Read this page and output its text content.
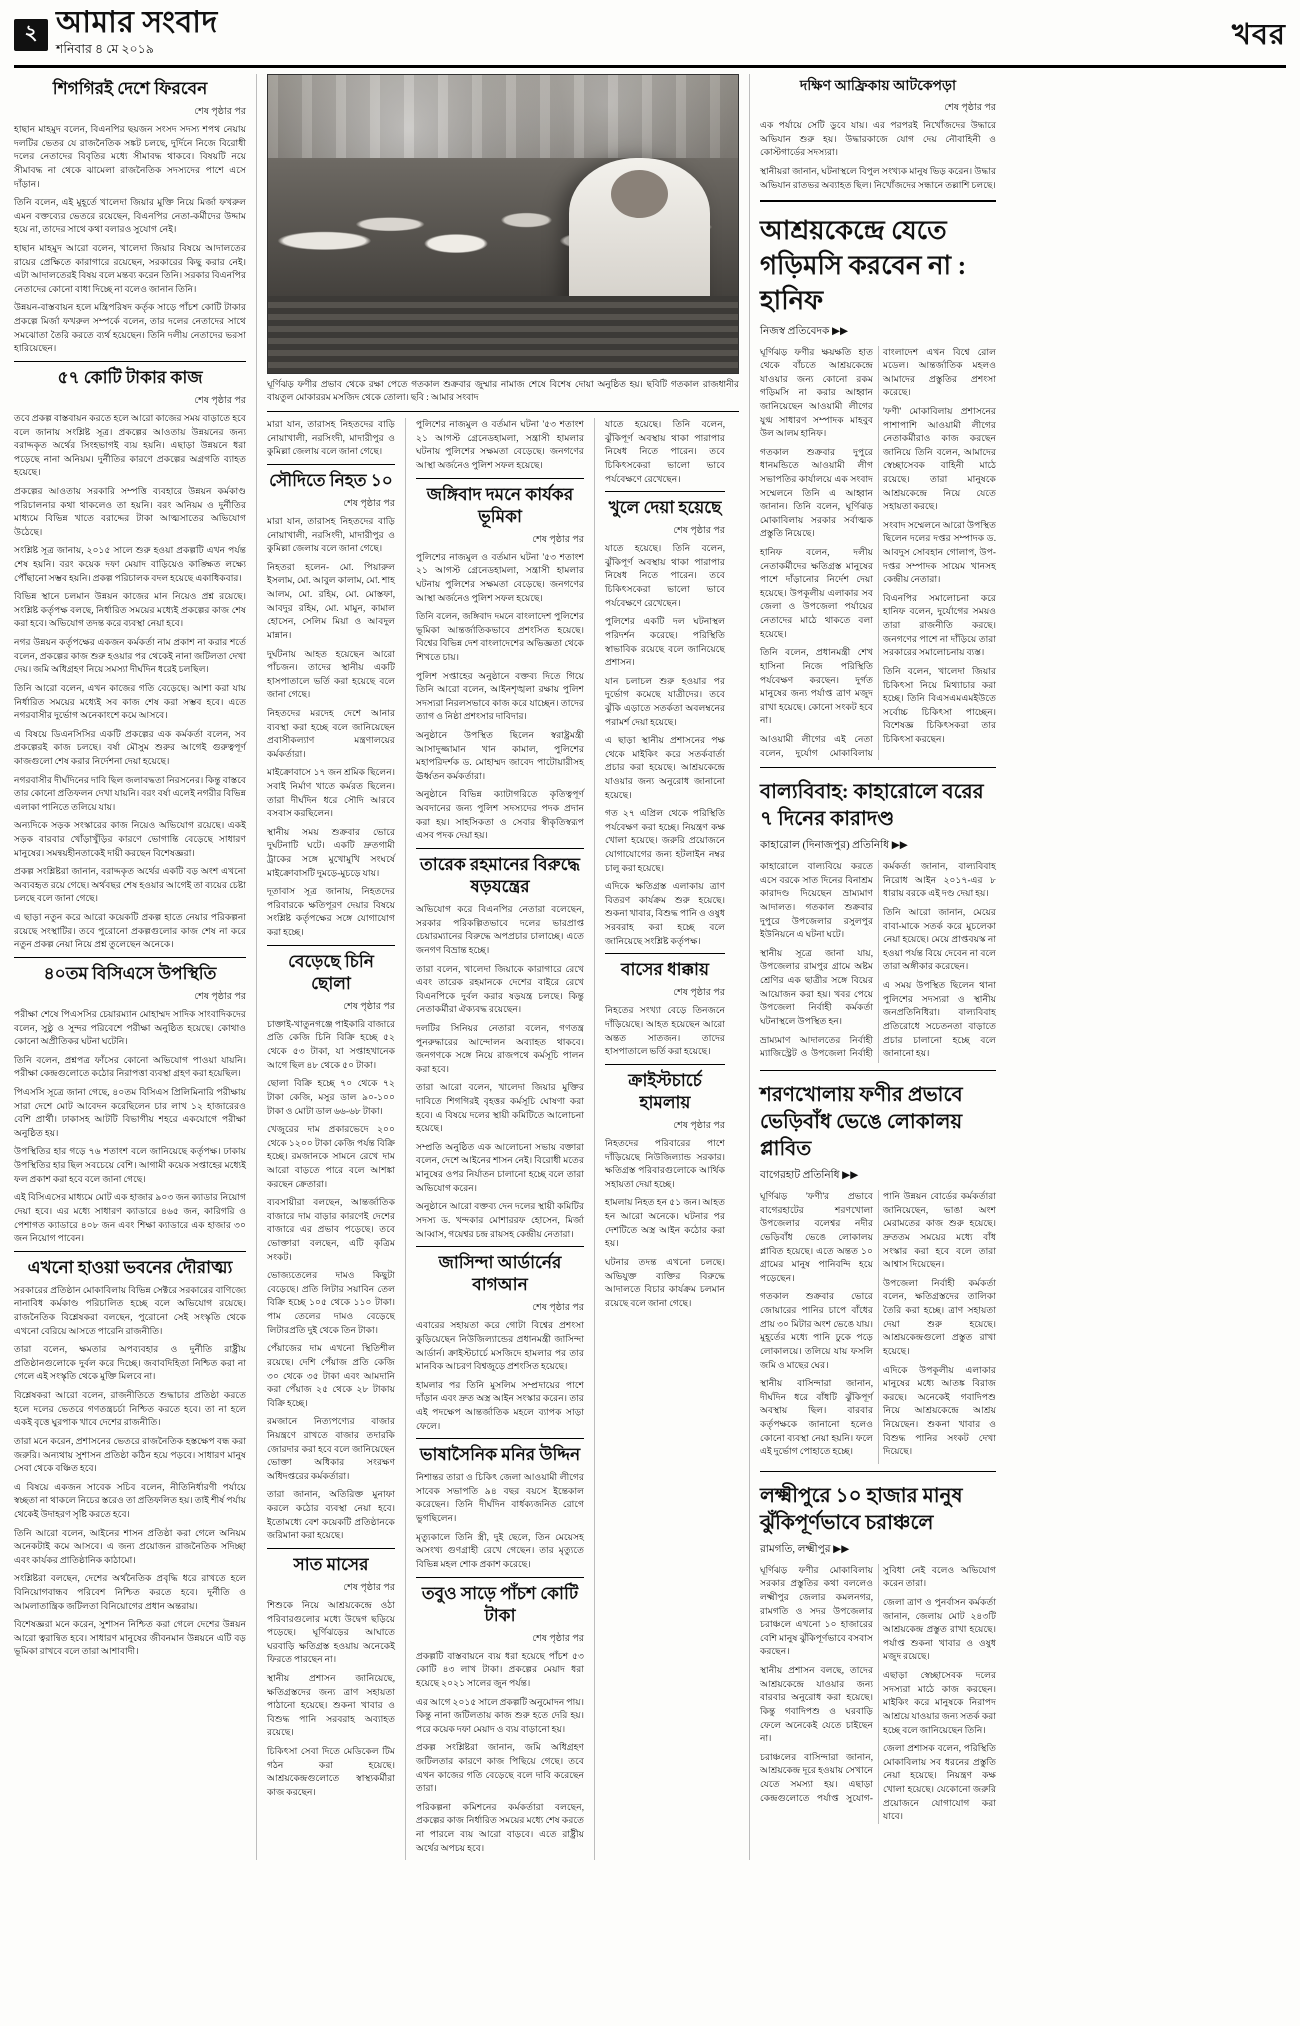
২ আমার সংবাদ
শনিবার ৪ মে ২০১৯	খবর
শিগগিরই দেশে ফিরবেন
শেষ পৃষ্ঠার পর

হাছান মাহমুদ বলেন, বিএনপির ছয়জন সংসদ সদস্য শপথ নেয়ায় দলটির ভেতর যে রাজনৈতিক সঙ্কট চলছে, দুর্দিনে নিজে বিরোধী দলের নেতাদের বিবৃতির মধ্যে সীমাবদ্ধ থাকবে। বিষয়টি নয়ে সীমাবদ্ধ না থেকে ঝামেলা রাজনৈতিক সদস্যদের পাশে এসে দাঁড়ান।

তিনি বলেন, এই মুহূর্তে খালেদা জিয়ার মুক্তি নিয়ে মির্জা ফখরুল এমন বক্তব্যের ভেতরে রয়েছেন, বিএনপির নেতা-কর্মীদের উদ্দাম হয়ে না, তাদের সাথে কথা বলারও সুযোগ নেই।

হাছান মাহমুদ আরো বলেন, খালেদা জিয়ার বিষয়ে আদালতের রায়ের প্রেক্ষিতে কারাগারে রয়েছেন, সরকারের কিছু করার নেই। এটা আদালতেরই বিষয় বলে মন্তব্য করেন তিনি। সরকার বিএনপির নেতাদের কোনো বাধা দিচ্ছে না বলেও জানান তিনি।

উন্নয়ন-বাস্তবায়ন হলে মন্ত্রিপরিষদ কর্তৃক সাড়ে পাঁচশ কোটি টাকার প্রকল্পে মির্জা ফখরুল সম্পর্কে বলেন, তার দলের নেতাদের সাথে সমঝোতা তৈরি করতে ব্যর্থ হয়েছেন। তিনি দলীয় নেতাদের ভরসা হারিয়েছেন।

৫৭ কোটি টাকার কাজ
শেষ পৃষ্ঠার পর

তবে প্রকল্প বাস্তবায়ন করতে হলে আরো কাজের সময় বাড়াতে হবে বলে জানায় সংশ্লিষ্ট সূত্র। প্রকল্পের আওতায় উন্নয়নের জন্য বরাদ্দকৃত অর্থের সিংহভাগই ব্যয় হয়নি। এছাড়া উন্নয়নে ধরা পড়েছে নানা অনিয়ম। দুর্নীতির কারণে প্রকল্পের অগ্রগতি ব্যাহত হয়েছে।

প্রকল্পের আওতায় সরকারি সম্পত্তি ব্যবহারে উন্নয়ন কর্মকাণ্ড পরিচালনার কথা থাকলেও তা হয়নি। বরং অনিয়ম ও দুর্নীতির মাধ্যমে বিভিন্ন খাতে বরাদ্দের টাকা আত্মসাতের অভিযোগ উঠেছে।

সংশ্লিষ্ট সূত্র জানায়, ২০১৫ সালে শুরু হওয়া প্রকল্পটি এখন পর্যন্ত শেষ হয়নি। বরং কয়েক দফা মেয়াদ বাড়িয়েও কাঙ্ক্ষিত লক্ষ্যে পৌঁছানো সম্ভব হয়নি। প্রকল্প পরিচালক বদল হয়েছে একাধিকবার।

বিভিন্ন স্থানে চলমান উন্নয়ন কাজের মান নিয়েও প্রশ্ন রয়েছে। সংশ্লিষ্ট কর্তৃপক্ষ বলছে, নির্ধারিত সময়ের মধ্যেই প্রকল্পের কাজ শেষ করা হবে। অভিযোগ তদন্ত করে ব্যবস্থা নেয়া হবে।

নগর উন্নয়ন কর্তৃপক্ষের একজন কর্মকর্তা নাম প্রকাশ না করার শর্তে বলেন, প্রকল্পের কাজ শুরু হওয়ার পর থেকেই নানা জটিলতা দেখা দেয়। জমি অধিগ্রহণ নিয়ে সমস্যা দীর্ঘদিন ধরেই চলছিল।

তিনি আরো বলেন, এখন কাজের গতি বেড়েছে। আশা করা যায় নির্ধারিত সময়ের মধ্যেই সব কাজ শেষ করা সম্ভব হবে। এতে নগরবাসীর দুর্ভোগ অনেকাংশে কমে আসবে।

এ বিষয়ে ডিএনসিসির একটি প্রকল্পের এক কর্মকর্তা বলেন, সব প্রকল্পেরই কাজ চলছে। বর্ষা মৌসুম শুরুর আগেই গুরুত্বপূর্ণ কাজগুলো শেষ করার নির্দেশনা দেয়া হয়েছে।

নগরবাসীর দীর্ঘদিনের দাবি ছিল জলাবদ্ধতা নিরসনের। কিন্তু বাস্তবে তার কোনো প্রতিফলন দেখা যায়নি। বরং বর্ষা এলেই নগরীর বিভিন্ন এলাকা পানিতে তলিয়ে যায়।

অন্যদিকে সড়ক সংস্কারের কাজ নিয়েও অভিযোগ রয়েছে। একই সড়ক বারবার খোঁড়াখুঁড়ির কারণে ভোগান্তি বেড়েছে সাধারণ মানুষের। সমন্বয়হীনতাকেই দায়ী করছেন বিশেষজ্ঞরা।

প্রকল্প সংশ্লিষ্টরা জানান, বরাদ্দকৃত অর্থের একটি বড় অংশ এখনো অব্যবহৃত রয়ে গেছে। অর্থবছর শেষ হওয়ার আগেই তা ব্যয়ের চেষ্টা চলছে বলে জানা গেছে।

এ ছাড়া নতুন করে আরো কয়েকটি প্রকল্প হাতে নেয়ার পরিকল্পনা রয়েছে সংস্থাটির। তবে পুরোনো প্রকল্পগুলোর কাজ শেষ না করে নতুন প্রকল্প নেয়া নিয়ে প্রশ্ন তুলেছেন অনেকে।

৪০তম বিসিএসে উপস্থিতি
শেষ পৃষ্ঠার পর

পরীক্ষা শেষে পিএসসির চেয়ারম্যান মোহাম্মদ সাদিক সাংবাদিকদের বলেন, সুষ্ঠু ও সুন্দর পরিবেশে পরীক্ষা অনুষ্ঠিত হয়েছে। কোথাও কোনো অপ্রীতিকর ঘটনা ঘটেনি।

তিনি বলেন, প্রশ্নপত্র ফাঁসের কোনো অভিযোগ পাওয়া যায়নি। পরীক্ষা কেন্দ্রগুলোতে কঠোর নিরাপত্তা ব্যবস্থা গ্রহণ করা হয়েছিল।

পিএসসি সূত্রে জানা গেছে, ৪০তম বিসিএস প্রিলিমিনারি পরীক্ষায় সারা দেশে মোট আবেদন করেছিলেন চার লাখ ১২ হাজারেরও বেশি প্রার্থী। ঢাকাসহ আটটি বিভাগীয় শহরে একযোগে পরীক্ষা অনুষ্ঠিত হয়।

উপস্থিতির হার গড়ে ৭৬ শতাংশ বলে জানিয়েছে কর্তৃপক্ষ। ঢাকায় উপস্থিতির হার ছিল সবচেয়ে বেশি। আগামী কয়েক সপ্তাহের মধ্যেই ফল প্রকাশ করা হবে বলে জানা গেছে।

এই বিসিএসের মাধ্যমে মোট এক হাজার ৯০৩ জন ক্যাডার নিয়োগ দেয়া হবে। এর মধ্যে সাধারণ ক্যাডারে ৪৬৫ জন, কারিগরি ও পেশাগত ক্যাডারে ৪০৮ জন এবং শিক্ষা ক্যাডারে এক হাজার ৩০ জন নিয়োগ পাবেন।

এখনো হাওয়া ভবনের দৌরাত্ম্য

সরকারের প্রতিষ্ঠান মোকাবিলায় বিভিন্ন সেক্টরে সরকারের বাণিজ্যে নানাবিধ কর্মকাণ্ড পরিচালিত হচ্ছে বলে অভিযোগ রয়েছে। রাজনৈতিক বিশ্লেষকরা বলছেন, পুরোনো সেই সংস্কৃতি থেকে এখনো বেরিয়ে আসতে পারেনি রাজনীতি।

তারা বলেন, ক্ষমতার অপব্যবহার ও দুর্নীতি রাষ্ট্রীয় প্রতিষ্ঠানগুলোকে দুর্বল করে দিচ্ছে। জবাবদিহিতা নিশ্চিত করা না গেলে এই সংস্কৃতি থেকে মুক্তি মিলবে না।

বিশ্লেষকরা আরো বলেন, রাজনীতিতে শুদ্ধাচার প্রতিষ্ঠা করতে হলে দলের ভেতরে গণতন্ত্রচর্চা নিশ্চিত করতে হবে। তা না হলে একই বৃত্তে ঘুরপাক খাবে দেশের রাজনীতি।

তারা মনে করেন, প্রশাসনের ভেতরে রাজনৈতিক হস্তক্ষেপ বন্ধ করা জরুরি। অন্যথায় সুশাসন প্রতিষ্ঠা কঠিন হয়ে পড়বে। সাধারণ মানুষ সেবা থেকে বঞ্চিত হবে।

এ বিষয়ে একজন সাবেক সচিব বলেন, নীতিনির্ধারণী পর্যায়ে স্বচ্ছতা না থাকলে নিচের স্তরেও তা প্রতিফলিত হয়। তাই শীর্ষ পর্যায় থেকেই উদাহরণ সৃষ্টি করতে হবে।

তিনি আরো বলেন, আইনের শাসন প্রতিষ্ঠা করা গেলে অনিয়ম অনেকটাই কমে আসবে। এ জন্য প্রয়োজন রাজনৈতিক সদিচ্ছা এবং কার্যকর প্রাতিষ্ঠানিক কাঠামো।

সংশ্লিষ্টরা বলছেন, দেশের অর্থনৈতিক প্রবৃদ্ধি ধরে রাখতে হলে বিনিয়োগবান্ধব পরিবেশ নিশ্চিত করতে হবে। দুর্নীতি ও আমলাতান্ত্রিক জটিলতা বিনিয়োগের প্রধান অন্তরায়।

বিশেষজ্ঞরা মনে করেন, সুশাসন নিশ্চিত করা গেলে দেশের উন্নয়ন আরো ত্বরান্বিত হবে। সাধারণ মানুষের জীবনমান উন্নয়নে এটি বড় ভূমিকা রাখবে বলে তারা আশাবাদী।

ঘূর্ণিঝড় ফণীর প্রভাব থেকে রক্ষা পেতে গতকাল শুক্রবার জুম্মার নামাজ শেষে বিশেষ দোয়া অনুষ্ঠিত হয়। ছবিটি গতকাল রাজধানীর বায়তুল মোকাররম মসজিদ থেকে তোলা। ছবি : আমার সংবাদ

মারা যান, তারাসহ নিহতদের বাড়ি নোয়াখালী, নরসিংদী, মাদারীপুর ও কুমিল্লা জেলায় বলে জানা গেছে।

সৌদিতে নিহত ১০
শেষ পৃষ্ঠার পর

মারা যান, তারাসহ নিহতদের বাড়ি নোয়াখালী, নরসিংদী, মাদারীপুর ও কুমিল্লা জেলায় বলে জানা গেছে।

নিহতরা হলেন- মো. পিয়ারুল ইসলাম, মো. আবুল কালাম, মো. শাহ আলম, মো. রহিম, মো. মোস্তফা, আবদুর রহিম, মো. মামুন, কামাল হোসেন, সেলিম মিয়া ও আবদুল মান্নান।

দুর্ঘটনায় আহত হয়েছেন আরো পাঁচজন। তাদের স্থানীয় একটি হাসপাতালে ভর্তি করা হয়েছে বলে জানা গেছে।

নিহতদের মরদেহ দেশে আনার ব্যবস্থা করা হচ্ছে বলে জানিয়েছেন প্রবাসীকল্যাণ মন্ত্রণালয়ের কর্মকর্তারা।

মাইক্রোবাসে ১৭ জন শ্রমিক ছিলেন। সবাই নির্মাণ খাতে কর্মরত ছিলেন। তারা দীর্ঘদিন ধরে সৌদি আরবে বসবাস করছিলেন।

স্থানীয় সময় শুক্রবার ভোরে দুর্ঘটনাটি ঘটে। একটি দ্রুতগামী ট্রাকের সঙ্গে মুখোমুখি সংঘর্ষে মাইক্রোবাসটি দুমড়ে-মুচড়ে যায়।

দূতাবাস সূত্র জানায়, নিহতদের পরিবারকে ক্ষতিপূরণ দেয়ার বিষয়ে সংশ্লিষ্ট কর্তৃপক্ষের সঙ্গে যোগাযোগ করা হচ্ছে।

বেড়েছে চিনি ছোলা
শেষ পৃষ্ঠার পর

চাক্তাই-খাতুনগঞ্জে পাইকারি বাজারে প্রতি কেজি চিনি বিক্রি হচ্ছে ৫২ থেকে ৫৩ টাকা, যা সপ্তাহখানেক আগে ছিল ৪৮ থেকে ৫০ টাকা।

ছোলা বিক্রি হচ্ছে ৭০ থেকে ৭২ টাকা কেজি, মসুর ডাল ৯০-১০০ টাকা ও মোটা ডাল ৬৬-৬৮ টাকা।

খেজুরের দাম প্রকারভেদে ২০০ থেকে ১২০০ টাকা কেজি পর্যন্ত বিক্রি হচ্ছে। রমজানকে সামনে রেখে দাম আরো বাড়তে পারে বলে আশঙ্কা করছেন ক্রেতারা।

ব্যবসায়ীরা বলছেন, আন্তর্জাতিক বাজারে দাম বাড়ার কারণেই দেশের বাজারে এর প্রভাব পড়েছে। তবে ভোক্তারা বলছেন, এটি কৃত্রিম সংকট।

ভোজ্যতেলের দামও কিছুটা বেড়েছে। প্রতি লিটার সয়াবিন তেল বিক্রি হচ্ছে ১০৫ থেকে ১১০ টাকা। পাম তেলের দামও বেড়েছে লিটারপ্রতি দুই থেকে তিন টাকা।

পেঁয়াজের দাম এখনো স্থিতিশীল রয়েছে। দেশি পেঁয়াজ প্রতি কেজি ৩০ থেকে ৩৫ টাকা এবং আমদানি করা পেঁয়াজ ২৫ থেকে ২৮ টাকায় বিক্রি হচ্ছে।

রমজানে নিত্যপণ্যের বাজার নিয়ন্ত্রণে রাখতে বাজার তদারকি জোরদার করা হবে বলে জানিয়েছেন ভোক্তা অধিকার সংরক্ষণ অধিদপ্তরের কর্মকর্তারা।

তারা জানান, অতিরিক্ত মুনাফা করলে কঠোর ব্যবস্থা নেয়া হবে। ইতোমধ্যে বেশ কয়েকটি প্রতিষ্ঠানকে জরিমানা করা হয়েছে।

সাত মাসের
শেষ পৃষ্ঠার পর

শিশুকে নিয়ে আশ্রয়কেন্দ্রে ওঠা পরিবারগুলোর মধ্যে উদ্বেগ ছড়িয়ে পড়েছে। ঘূর্ণিঝড়ের আঘাতে ঘরবাড়ি ক্ষতিগ্রস্ত হওয়ায় অনেকেই ফিরতে পারছেন না।

স্থানীয় প্রশাসন জানিয়েছে, ক্ষতিগ্রস্তদের জন্য ত্রাণ সহায়তা পাঠানো হয়েছে। শুকনা খাবার ও বিশুদ্ধ পানি সরবরাহ অব্যাহত রয়েছে।

চিকিৎসা সেবা দিতে মেডিকেল টিম গঠন করা হয়েছে। আশ্রয়কেন্দ্রগুলোতে স্বাস্থ্যকর্মীরা কাজ করছেন।

পুলিশের নাজমুল ও বর্তমান ঘটনা '৫৩ শতাংশ ২১ আগস্ট গ্রেনেডহামলা, সন্ত্রাসী হামলার ঘটনায় পুলিশের সক্ষমতা বেড়েছে। জনগণের আস্থা অর্জনেও পুলিশ সফল হয়েছে।

জঙ্গিবাদ দমনে কার্যকর ভূমিকা
শেষ পৃষ্ঠার পর

পুলিশের নাজমুল ও বর্তমান ঘটনা '৫৩ শতাংশ ২১ আগস্ট গ্রেনেডহামলা, সন্ত্রাসী হামলার ঘটনায় পুলিশের সক্ষমতা বেড়েছে। জনগণের আস্থা অর্জনেও পুলিশ সফল হয়েছে।

তিনি বলেন, জঙ্গিবাদ দমনে বাংলাদেশ পুলিশের ভূমিকা আন্তর্জাতিকভাবে প্রশংসিত হয়েছে। বিশ্বের বিভিন্ন দেশ বাংলাদেশের অভিজ্ঞতা থেকে শিখতে চায়।

পুলিশ সপ্তাহের অনুষ্ঠানে বক্তব্য দিতে গিয়ে তিনি আরো বলেন, আইনশৃঙ্খলা রক্ষায় পুলিশ সদস্যরা নিরলসভাবে কাজ করে যাচ্ছেন। তাদের ত্যাগ ও নিষ্ঠা প্রশংসার দাবিদার।

অনুষ্ঠানে উপস্থিত ছিলেন স্বরাষ্ট্রমন্ত্রী আসাদুজ্জামান খান কামাল, পুলিশের মহাপরিদর্শক ড. মোহাম্মদ জাবেদ পাটোয়ারীসহ ঊর্ধ্বতন কর্মকর্তারা।

অনুষ্ঠানে বিভিন্ন ক্যাটাগরিতে কৃতিত্বপূর্ণ অবদানের জন্য পুলিশ সদস্যদের পদক প্রদান করা হয়। সাহসিকতা ও সেবার স্বীকৃতিস্বরূপ এসব পদক দেয়া হয়।

তারেক রহমানের বিরুদ্ধে ষড়যন্ত্রের

অভিযোগ করে বিএনপির নেতারা বলেছেন, সরকার পরিকল্পিতভাবে দলের ভারপ্রাপ্ত চেয়ারম্যানের বিরুদ্ধে অপপ্রচার চালাচ্ছে। এতে জনগণ বিভ্রান্ত হচ্ছে।

তারা বলেন, খালেদা জিয়াকে কারাগারে রেখে এবং তারেক রহমানকে দেশের বাইরে রেখে বিএনপিকে দুর্বল করার ষড়যন্ত্র চলছে। কিন্তু নেতাকর্মীরা ঐক্যবদ্ধ রয়েছেন।

দলটির সিনিয়র নেতারা বলেন, গণতন্ত্র পুনরুদ্ধারের আন্দোলন অব্যাহত থাকবে। জনগণকে সঙ্গে নিয়ে রাজপথে কর্মসূচি পালন করা হবে।

তারা আরো বলেন, খালেদা জিয়ার মুক্তির দাবিতে শিগগিরই বৃহত্তর কর্মসূচি ঘোষণা করা হবে। এ বিষয়ে দলের স্থায়ী কমিটিতে আলোচনা হয়েছে।

সম্প্রতি অনুষ্ঠিত এক আলোচনা সভায় বক্তারা বলেন, দেশে আইনের শাসন নেই। বিরোধী মতের মানুষের ওপর নির্যাতন চালানো হচ্ছে বলে তারা অভিযোগ করেন।

অনুষ্ঠানে আরো বক্তব্য দেন দলের স্থায়ী কমিটির সদস্য ড. খন্দকার মোশাররফ হোসেন, মির্জা আব্বাস, গয়েশ্বর চন্দ্র রায়সহ কেন্দ্রীয় নেতারা।

জাসিন্দা আর্ডার্নের বাগআন
শেষ পৃষ্ঠার পর

এবারের সহায়তা করে গোটা বিশ্বের প্রশংসা কুড়িয়েছেন নিউজিল্যান্ডের প্রধানমন্ত্রী জাসিন্দা আর্ডার্ন। ক্রাইস্টচার্চে মসজিদে হামলার পর তার মানবিক আচরণ বিশ্বজুড়ে প্রশংসিত হয়েছে।

হামলার পর তিনি মুসলিম সম্প্রদায়ের পাশে দাঁড়ান এবং দ্রুত অস্ত্র আইন সংস্কার করেন। তার এই পদক্ষেপ আন্তর্জাতিক মহলে ব্যাপক সাড়া ফেলে।

ভাষাসৈনিক মনির উদ্দিন

নিশান্তর তারা ও চিকিৎ জেলা আওয়ামী লীগের সাবেক সভাপতি ৯৪ বছর বয়সে ইন্তেকাল করেছেন। তিনি দীর্ঘদিন বার্ধক্যজনিত রোগে ভুগছিলেন।

মৃত্যুকালে তিনি স্ত্রী, দুই ছেলে, তিন মেয়েসহ অসংখ্য গুণগ্রাহী রেখে গেছেন। তার মৃত্যুতে বিভিন্ন মহল শোক প্রকাশ করেছে।

তবুও সাড়ে পাঁচশ কোটি টাকা
শেষ পৃষ্ঠার পর

প্রকল্পটি বাস্তবায়নে ব্যয় ধরা হয়েছে পাঁচশ ৫৩ কোটি ৪৩ লাখ টাকা। প্রকল্পের মেয়াদ ধরা হয়েছে ২০২১ সালের জুন পর্যন্ত।

এর আগে ২০১৫ সালে প্রকল্পটি অনুমোদন পায়। কিন্তু নানা জটিলতায় কাজ শুরু হতে দেরি হয়। পরে কয়েক দফা মেয়াদ ও ব্যয় বাড়ানো হয়।

প্রকল্প সংশ্লিষ্টরা জানান, জমি অধিগ্রহণ জটিলতার কারণে কাজ পিছিয়ে গেছে। তবে এখন কাজের গতি বেড়েছে বলে দাবি করেছেন তারা।

পরিকল্পনা কমিশনের কর্মকর্তারা বলছেন, প্রকল্পের কাজ নির্ধারিত সময়ের মধ্যে শেষ করতে না পারলে ব্যয় আরো বাড়বে। এতে রাষ্ট্রীয় অর্থের অপচয় হবে।

যাতে হয়েছে। তিনি বলেন, ঝুঁকিপূর্ণ অবস্থায় থাকা পারাপার নিষেধ নিতে পারেন। তবে চিকিৎসকেরা ভালো ভাবে পর্যবেক্ষণে রেখেছেন।

খুলে দেয়া হয়েছে
শেষ পৃষ্ঠার পর

যাতে হয়েছে। তিনি বলেন, ঝুঁকিপূর্ণ অবস্থায় থাকা পারাপার নিষেধ নিতে পারেন। তবে চিকিৎসকেরা ভালো ভাবে পর্যবেক্ষণে রেখেছেন।

পুলিশের একটি দল ঘটনাস্থল পরিদর্শন করেছে। পরিস্থিতি স্বাভাবিক রয়েছে বলে জানিয়েছে প্রশাসন।

যান চলাচল শুরু হওয়ার পর দুর্ভোগ কমেছে যাত্রীদের। তবে ঝুঁকি এড়াতে সতর্কতা অবলম্বনের পরামর্শ দেয়া হয়েছে।

এ ছাড়া স্থানীয় প্রশাসনের পক্ষ থেকে মাইকিং করে সতর্কবার্তা প্রচার করা হয়েছে। আশ্রয়কেন্দ্রে যাওয়ার জন্য অনুরোধ জানানো হয়েছে।

গত ২৭ এপ্রিল থেকে পরিস্থিতি পর্যবেক্ষণ করা হচ্ছে। নিয়ন্ত্রণ কক্ষ খোলা হয়েছে। জরুরি প্রয়োজনে যোগাযোগের জন্য হটলাইন নম্বর চালু করা হয়েছে।

এদিকে ক্ষতিগ্রস্ত এলাকায় ত্রাণ বিতরণ কার্যক্রম শুরু হয়েছে। শুকনা খাবার, বিশুদ্ধ পানি ও ওষুধ সরবরাহ করা হচ্ছে বলে জানিয়েছে সংশ্লিষ্ট কর্তৃপক্ষ।

বাসের ধাক্কায়
শেষ পৃষ্ঠার পর

নিহতের সংখ্যা বেড়ে তিনজনে দাঁড়িয়েছে। আহত হয়েছেন আরো অন্তত সাতজন। তাদের হাসপাতালে ভর্তি করা হয়েছে।

ক্রাইস্টচার্চে হামলায়
শেষ পৃষ্ঠার পর

নিহতদের পরিবারের পাশে দাঁড়িয়েছে নিউজিল্যান্ড সরকার। ক্ষতিগ্রস্ত পরিবারগুলোকে আর্থিক সহায়তা দেয়া হচ্ছে।

হামলায় নিহত হন ৫১ জন। আহত হন আরো অনেকে। ঘটনার পর দেশটিতে অস্ত্র আইন কঠোর করা হয়।

ঘটনার তদন্ত এখনো চলছে। অভিযুক্ত ব্যক্তির বিরুদ্ধে আদালতে বিচার কার্যক্রম চলমান রয়েছে বলে জানা গেছে।

দক্ষিণ আফ্রিকায় আটকেপড়া
শেষ পৃষ্ঠার পর

এক পর্যায়ে সেটি ডুবে যায়। এর পরপরই নিখোঁজদের উদ্ধারে অভিযান শুরু হয়। উদ্ধারকাজে যোগ দেয় নৌবাহিনী ও কোস্টগার্ডের সদস্যরা।

স্থানীয়রা জানান, ঘটনাস্থলে বিপুল সংখ্যক মানুষ ভিড় করেন। উদ্ধার অভিযান রাতভর অব্যাহত ছিল। নিখোঁজদের সন্ধানে তল্লাশি চলছে।

আশ্রয়কেন্দ্রে যেতে গড়িমসি করবেন না : হানিফ
নিজস্ব প্রতিবেদক ▶▶

ঘূর্ণিঝড় ফণীর ক্ষয়ক্ষতি হাত থেকে বাঁচতে আশ্রয়কেন্দ্রে যাওয়ার জন্য কোনো রকম গড়িমসি না করার আহ্বান জানিয়েছেন আওয়ামী লীগের যুগ্ম সাধারণ সম্পাদক মাহবুব উল আলম হানিফ।

গতকাল শুক্রবার দুপুরে ধানমন্ডিতে আওয়ামী লীগ সভাপতির কার্যালয়ে এক সংবাদ সম্মেলনে তিনি এ আহ্বান জানান। তিনি বলেন, ঘূর্ণিঝড় মোকাবিলায় সরকার সর্বাত্মক প্রস্তুতি নিয়েছে।

হানিফ বলেন, দলীয় নেতাকর্মীদের ক্ষতিগ্রস্ত মানুষের পাশে দাঁড়ানোর নির্দেশ দেয়া হয়েছে। উপকূলীয় এলাকার সব জেলা ও উপজেলা পর্যায়ের নেতাদের মাঠে থাকতে বলা হয়েছে।

তিনি বলেন, প্রধানমন্ত্রী শেখ হাসিনা নিজে পরিস্থিতি পর্যবেক্ষণ করছেন। দুর্গত মানুষের জন্য পর্যাপ্ত ত্রাণ মজুদ রাখা হয়েছে। কোনো সংকট হবে না।

আওয়ামী লীগের এই নেতা বলেন, দুর্যোগ মোকাবিলায় বাংলাদেশ এখন বিশ্বে রোল মডেল। আন্তর্জাতিক মহলও আমাদের প্রস্তুতির প্রশংসা করেছে।

'ফণী' মোকাবিলায় প্রশাসনের পাশাপাশি আওয়ামী লীগের নেতাকর্মীরাও কাজ করছেন জানিয়ে তিনি বলেন, আমাদের স্বেচ্ছাসেবক বাহিনী মাঠে রয়েছে। তারা মানুষকে আশ্রয়কেন্দ্রে নিয়ে যেতে সহায়তা করছে।

সংবাদ সম্মেলনে আরো উপস্থিত ছিলেন দলের দপ্তর সম্পাদক ড. আবদুস সোবহান গোলাপ, উপ-দপ্তর সম্পাদক সায়েম খানসহ কেন্দ্রীয় নেতারা।

বিএনপির সমালোচনা করে হানিফ বলেন, দুর্যোগের সময়ও তারা রাজনীতি করছে। জনগণের পাশে না দাঁড়িয়ে তারা সরকারের সমালোচনায় ব্যস্ত।

তিনি বলেন, খালেদা জিয়ার চিকিৎসা নিয়ে মিথ্যাচার করা হচ্ছে। তিনি বিএসএমএমইউতে সর্বোচ্চ চিকিৎসা পাচ্ছেন। বিশেষজ্ঞ চিকিৎসকরা তার চিকিৎসা করছেন।

বাল্যবিবাহ: কাহারোলে বরের ৭ দিনের কারাদণ্ড
কাহারোল (দিনাজপুর) প্রতিনিধি ▶▶

কাহারোলে বাল্যবিয়ে করতে এসে বরকে সাত দিনের বিনাশ্রম কারাদণ্ড দিয়েছেন ভ্রাম্যমাণ আদালত। গতকাল শুক্রবার দুপুরে উপজেলার রসুলপুর ইউনিয়নে এ ঘটনা ঘটে।

স্থানীয় সূত্রে জানা যায়, উপজেলার রামপুর গ্রামে অষ্টম শ্রেণির এক ছাত্রীর সঙ্গে বিয়ের আয়োজন করা হয়। খবর পেয়ে উপজেলা নির্বাহী কর্মকর্তা ঘটনাস্থলে উপস্থিত হন।

ভ্রাম্যমাণ আদালতের নির্বাহী ম্যাজিস্ট্রেট ও উপজেলা নির্বাহী কর্মকর্তা জানান, বাল্যবিবাহ নিরোধ আইন ২০১৭-এর ৮ ধারায় বরকে এই দণ্ড দেয়া হয়।

তিনি আরো জানান, মেয়ের বাবা-মাকে সতর্ক করে মুচলেকা নেয়া হয়েছে। মেয়ে প্রাপ্তবয়স্ক না হওয়া পর্যন্ত বিয়ে দেবেন না বলে তারা অঙ্গীকার করেছেন।

এ সময় উপস্থিত ছিলেন থানা পুলিশের সদস্যরা ও স্থানীয় জনপ্রতিনিধিরা। বাল্যবিবাহ প্রতিরোধে সচেতনতা বাড়াতে প্রচার চালানো হচ্ছে বলে জানানো হয়।

শরণখোলায় ফণীর প্রভাবে ভেড়িবাঁধ ভেঙে লোকালয় প্লাবিত
বাগেরহাট প্রতিনিধি ▶▶

ঘূর্ণিঝড় 'ফণী'র প্রভাবে বাগেরহাটের শরণখোলা উপজেলার বলেশ্বর নদীর ভেড়িবাঁধ ভেঙে লোকালয় প্লাবিত হয়েছে। এতে অন্তত ১০ গ্রামের মানুষ পানিবন্দি হয়ে পড়েছেন।

গতকাল শুক্রবার ভোরে জোয়ারের পানির চাপে বাঁধের প্রায় ৩০ মিটার অংশ ভেঙে যায়। মুহূর্তের মধ্যে পানি ঢুকে পড়ে লোকালয়ে। তলিয়ে যায় ফসলি জমি ও মাছের ঘের।

স্থানীয় বাসিন্দারা জানান, দীর্ঘদিন ধরে বাঁধটি ঝুঁকিপূর্ণ অবস্থায় ছিল। বারবার কর্তৃপক্ষকে জানানো হলেও কোনো ব্যবস্থা নেয়া হয়নি। ফলে এই দুর্ভোগ পোহাতে হচ্ছে।

পানি উন্নয়ন বোর্ডের কর্মকর্তারা জানিয়েছেন, ভাঙা অংশ মেরামতের কাজ শুরু হয়েছে। দ্রুততম সময়ের মধ্যে বাঁধ সংস্কার করা হবে বলে তারা আশ্বাস দিয়েছেন।

উপজেলা নির্বাহী কর্মকর্তা বলেন, ক্ষতিগ্রস্তদের তালিকা তৈরি করা হচ্ছে। ত্রাণ সহায়তা দেয়া শুরু হয়েছে। আশ্রয়কেন্দ্রগুলো প্রস্তুত রাখা হয়েছে।

এদিকে উপকূলীয় এলাকার মানুষের মধ্যে আতঙ্ক বিরাজ করছে। অনেকেই গবাদিপশু নিয়ে আশ্রয়কেন্দ্রে আশ্রয় নিয়েছেন। শুকনা খাবার ও বিশুদ্ধ পানির সংকট দেখা দিয়েছে।

লক্ষ্মীপুরে ১০ হাজার মানুষ ঝুঁকিপূর্ণভাবে চরাঞ্চলে
রামগতি, লক্ষ্মীপুর ▶▶

ঘূর্ণিঝড় ফণীর মোকাবিলায় সরকার প্রস্তুতির কথা বললেও লক্ষ্মীপুর জেলার কমলনগর, রামগতি ও সদর উপজেলার চরাঞ্চলে এখনো ১০ হাজারের বেশি মানুষ ঝুঁকিপূর্ণভাবে বসবাস করছেন।

স্থানীয় প্রশাসন বলছে, তাদের আশ্রয়কেন্দ্রে যাওয়ার জন্য বারবার অনুরোধ করা হয়েছে। কিন্তু গবাদিপশু ও ঘরবাড়ি ফেলে অনেকেই যেতে চাইছেন না।

চরাঞ্চলের বাসিন্দারা জানান, আশ্রয়কেন্দ্র দূরে হওয়ায় সেখানে যেতে সমস্যা হয়। এছাড়া কেন্দ্রগুলোতে পর্যাপ্ত সুযোগ-সুবিধা নেই বলেও অভিযোগ করেন তারা।

জেলা ত্রাণ ও পুনর্বাসন কর্মকর্তা জানান, জেলায় মোট ২৪৩টি আশ্রয়কেন্দ্র প্রস্তুত রাখা হয়েছে। পর্যাপ্ত শুকনা খাবার ও ওষুধ মজুদ রয়েছে।

এছাড়া স্বেচ্ছাসেবক দলের সদস্যরা মাঠে কাজ করছেন। মাইকিং করে মানুষকে নিরাপদ আশ্রয়ে যাওয়ার জন্য সতর্ক করা হচ্ছে বলে জানিয়েছেন তিনি।

জেলা প্রশাসক বলেন, পরিস্থিতি মোকাবিলায় সব ধরনের প্রস্তুতি নেয়া হয়েছে। নিয়ন্ত্রণ কক্ষ খোলা হয়েছে। যেকোনো জরুরি প্রয়োজনে যোগাযোগ করা যাবে।
